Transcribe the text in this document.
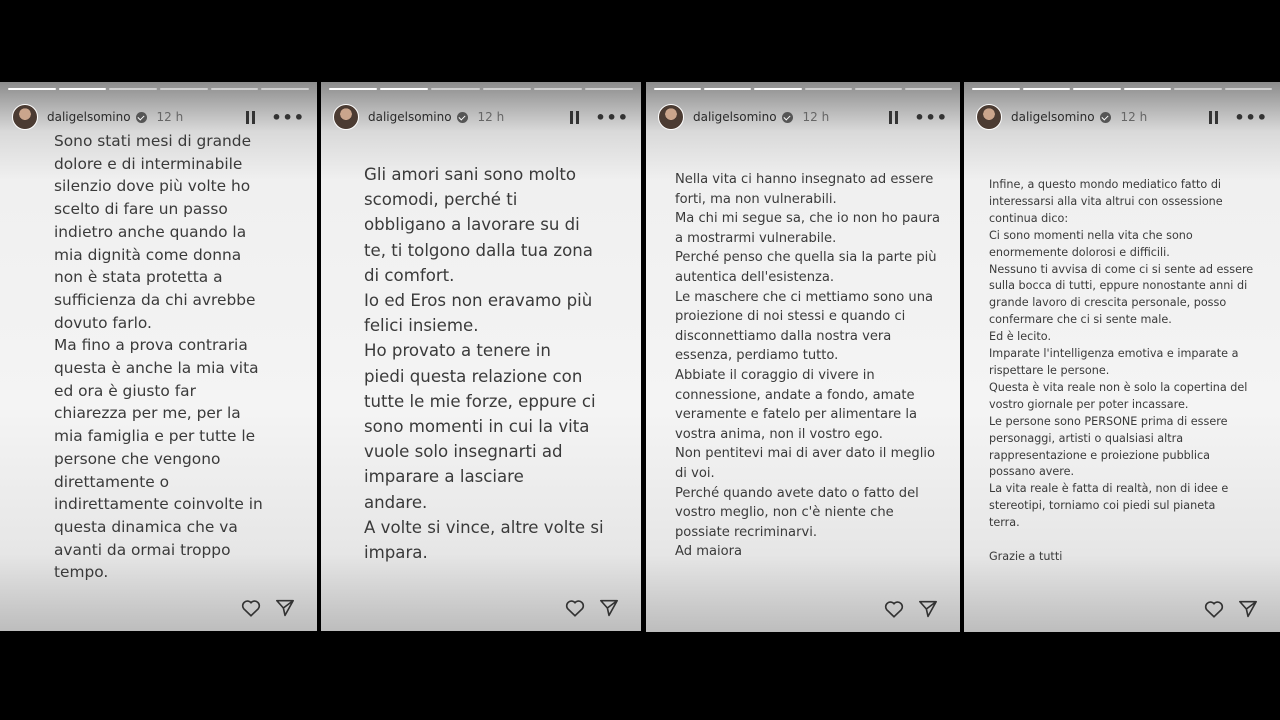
daligelsomino 12 h	•••
Sono stati mesi di grande
dolore e di interminabile
silenzio dove più volte ho
scelto di fare un passo
indietro anche quando la
mia dignità come donna
non è stata protetta a
sufficienza da chi avrebbe
dovuto farlo.
Ma fino a prova contraria
questa è anche la mia vita
ed ora è giusto far
chiarezza per me, per la
mia famiglia e per tutte le
persone che vengono
direttamente o
indirettamente coinvolte in
questa dinamica che va
avanti da ormai troppo
tempo.
daligelsomino 12 h	•••
Gli amori sani sono molto
scomodi, perché ti
obbligano a lavorare su di
te, ti tolgono dalla tua zona
di comfort.
Io ed Eros non eravamo più
felici insieme.
Ho provato a tenere in
piedi questa relazione con
tutte le mie forze, eppure ci
sono momenti in cui la vita
vuole solo insegnarti ad
imparare a lasciare
andare.
A volte si vince, altre volte si
impara.
daligelsomino 12 h	•••
Nella vita ci hanno insegnato ad essere
forti, ma non vulnerabili.
Ma chi mi segue sa, che io non ho paura
a mostrarmi vulnerabile.
Perché penso che quella sia la parte più
autentica dell'esistenza.
Le maschere che ci mettiamo sono una
proiezione di noi stessi e quando ci
disconnettiamo dalla nostra vera
essenza, perdiamo tutto.
Abbiate il coraggio di vivere in
connessione, andate a fondo, amate
veramente e fatelo per alimentare la
vostra anima, non il vostro ego.
Non pentitevi mai di aver dato il meglio
di voi.
Perché quando avete dato o fatto del
vostro meglio, non c'è niente che
possiate recriminarvi.
Ad maiora
daligelsomino 12 h	•••
Infine, a questo mondo mediatico fatto di
interessarsi alla vita altrui con ossessione
continua dico:
Ci sono momenti nella vita che sono
enormemente dolorosi e difficili.
Nessuno ti avvisa di come ci si sente ad essere
sulla bocca di tutti, eppure nonostante anni di
grande lavoro di crescita personale, posso
confermare che ci si sente male.
Ed è lecito.
Imparate l'intelligenza emotiva e imparate a
rispettare le persone.
Questa è vita reale non è solo la copertina del
vostro giornale per poter incassare.
Le persone sono PERSONE prima di essere
personaggi, artisti o qualsiasi altra
rappresentazione e proiezione pubblica
possano avere.
La vita reale è fatta di realtà, non di idee e
stereotipi, torniamo coi piedi sul pianeta
terra.

Grazie a tutti
